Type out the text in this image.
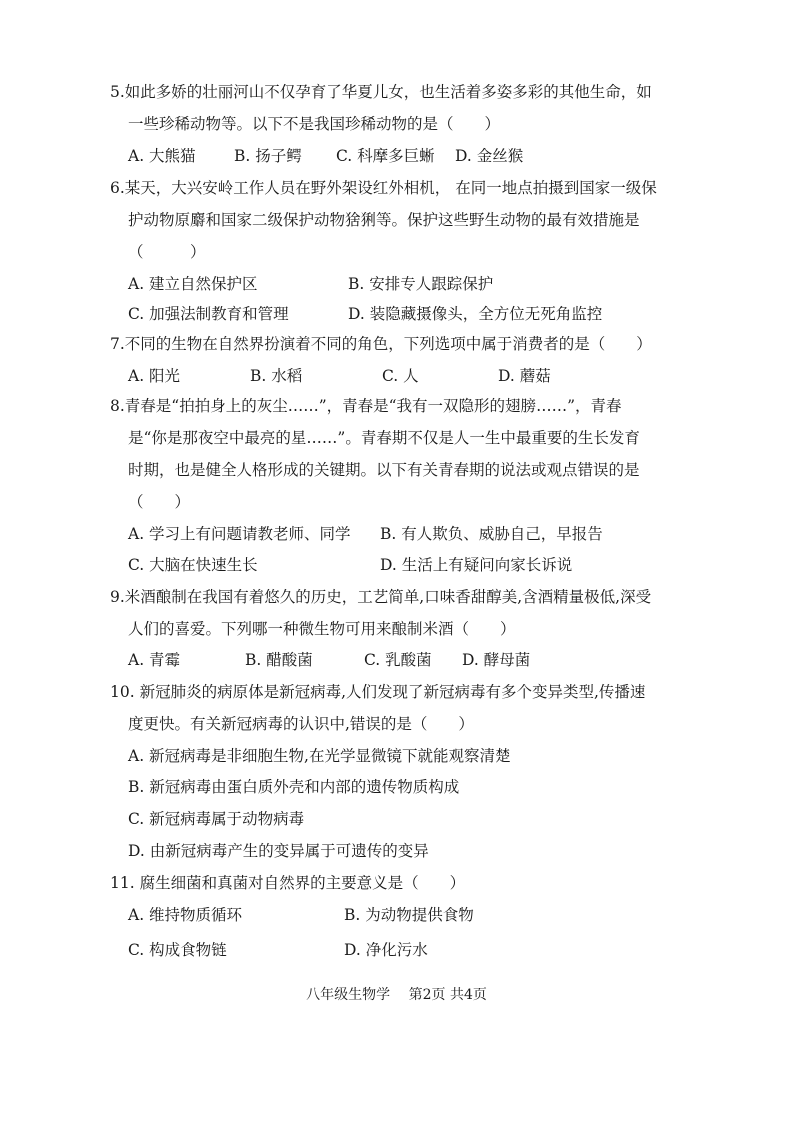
5.如此多娇的壮丽河山不仅孕育了华夏儿女，也生活着多姿多彩的其他生命，如
一些珍稀动物等。以下不是我国珍稀动物的是（　　）
A. 大熊猫 B. 扬子鳄 C. 科摩多巨蜥 D. 金丝猴
6.某天，大兴安岭工作人员在野外架设红外相机， 在同一地点拍摄到国家一级保
护动物原麝和国家二级保护动物猞猁等。保护这些野生动物的最有效措施是
（　　　）
A. 建立自然保护区	B. 安排专人跟踪保护
C. 加强法制教育和管理	D. 装隐藏摄像头，全方位无死角监控
7.不同的生物在自然界扮演着不同的角色，下列选项中属于消费者的是（　　）
A. 阳光	B. 水稻	C. 人	D. 蘑菇
8.青春是“拍拍身上的灰尘……”，青春是“我有一双隐形的翅膀……”，青春
是“你是那夜空中最亮的星……”。青春期不仅是人一生中最重要的生长发育
时期，也是健全人格形成的关键期。以下有关青春期的说法或观点错误的是
（　　）
A. 学习上有问题请教老师、同学 B. 有人欺负、威胁自己，早报告
C. 大脑在快速生长	D. 生活上有疑问向家长诉说
9.米酒酿制在我国有着悠久的历史，工艺简单,口味香甜醇美,含酒精量极低,深受
人们的喜爱。下列哪一种微生物可用来酿制米酒（　　）
A. 青霉	B. 醋酸菌	C. 乳酸菌 D. 酵母菌
10. 新冠肺炎的病原体是新冠病毒,人们发现了新冠病毒有多个变异类型,传播速
度更快。有关新冠病毒的认识中,错误的是（　　）
A. 新冠病毒是非细胞生物,在光学显微镜下就能观察清楚
B. 新冠病毒由蛋白质外壳和内部的遗传物质构成
C. 新冠病毒属于动物病毒
D. 由新冠病毒产生的变异属于可遗传的变异
11. 腐生细菌和真菌对自然界的主要意义是（　　）
A. 维持物质循环	B. 为动物提供食物
C. 构成食物链	D. 净化污水
八年级生物学　 第2页 共4页
